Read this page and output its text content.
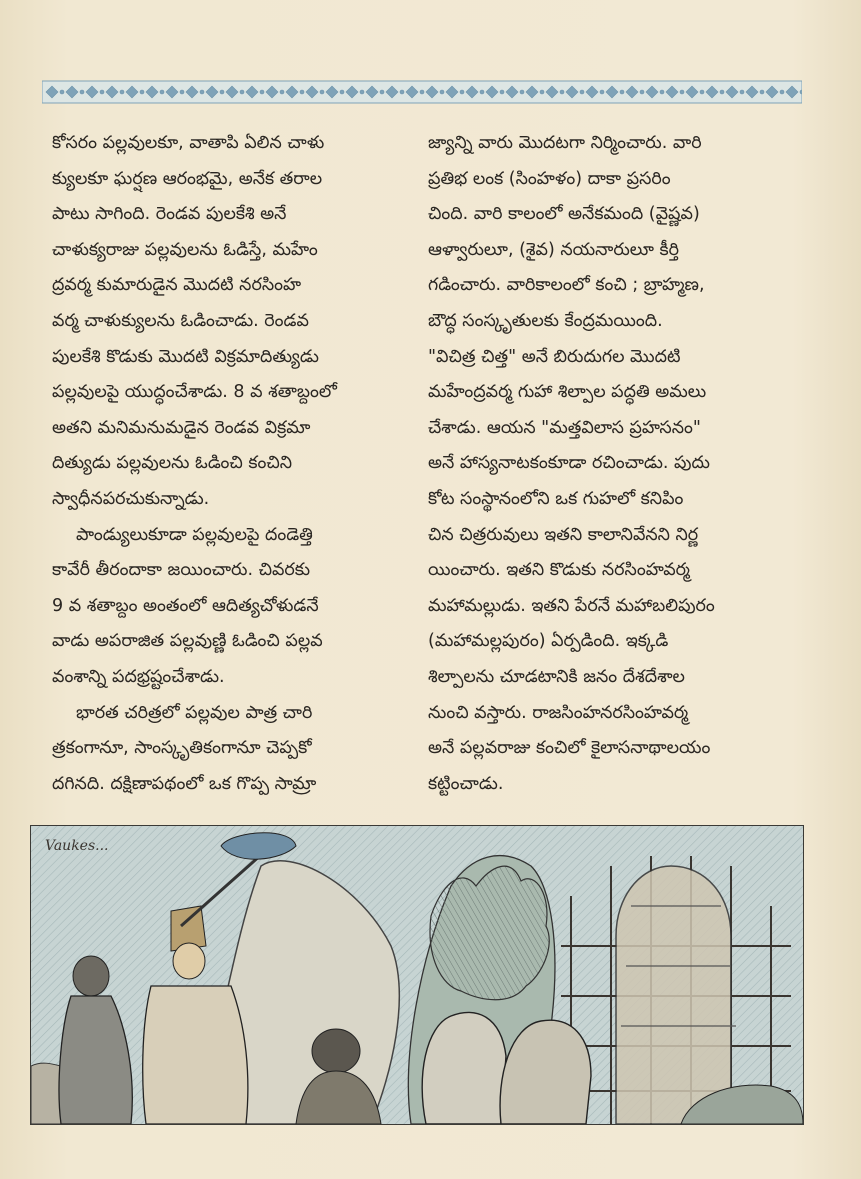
కోసరం పల్లవులకూ, వాతాపి ఏలిన చాళు
క్యులకూ ఘర్షణ ఆరంభమై, అనేక తరాల
పాటు సాగింది. రెండవ పులకేశి అనే
చాళుక్యరాజు పల్లవులను ఓడిస్తే, మహేం
ద్రవర్మ కుమారుడైన మొదటి నరసింహ
వర్మ చాళుక్యులను ఓడించాడు. రెండవ
పులకేశి కొడుకు మొదటి విక్రమాదిత్యుడు
పల్లవులపై యుద్ధంచేశాడు. 8 వ శతాబ్దంలో
అతని మనిమనుమడైన రెండవ విక్రమా
దిత్యుడు పల్లవులను ఓడించి కంచిని
స్వాధీనపరచుకున్నాడు.

పాండ్యులుకూడా పల్లవులపై దండెత్తి
కావేరీ తీరందాకా జయించారు. చివరకు
9 వ శతాబ్దం అంతంలో ఆదిత్యచోళుడనే
వాడు అపరాజిత పల్లవుణ్ణి ఓడించి పల్లవ
వంశాన్ని పదభ్రష్టంచేశాడు.

భారత చరిత్రలో పల్లవుల పాత్ర చారి
త్రకంగానూ, సాంస్కృతికంగానూ చెప్పకో
దగినది. దక్షిణాపథంలో ఒక గొప్ప సామ్రా

జ్యాన్ని వారు మొదటగా నిర్మించారు. వారి
ప్రతిభ లంక (సింహళం) దాకా ప్రసరిం
చింది. వారి కాలంలో అనేకమంది (వైష్ణవ)
ఆళ్వారులూ, (శైవ) నయనారులూ కీర్తి
గడించారు. వారికాలంలో కంచి ; బ్రాహ్మణ,
బౌద్ధ సంస్కృతులకు కేంద్రమయింది.
"విచిత్ర చిత్త" అనే బిరుదుగల మొదటి
మహేంద్రవర్మ గుహా శిల్పాల పద్ధతి అమలు
చేశాడు. ఆయన "మత్తవిలాస ప్రహసనం"
అనే హాస్యనాటకంకూడా రచించాడు. పుదు
కోట సంస్థానంలోని ఒక గుహలో కనిపిం
చిన చిత్రరువులు ఇతని కాలానివేనని నిర్ణ
యించారు. ఇతని కొడుకు నరసింహవర్మ
మహామల్లుడు. ఇతని పేరనే మహాబలిపురం
(మహామల్లపురం) ఏర్పడింది. ఇక్కడి
శిల్పాలను చూడటానికి జనం దేశదేశాల
నుంచి వస్తారు. రాజసింహనరసింహవర్మ
అనే పల్లవరాజు కంచిలో కైలాసనాథాలయం
కట్టించాడు.

Vaukes...
